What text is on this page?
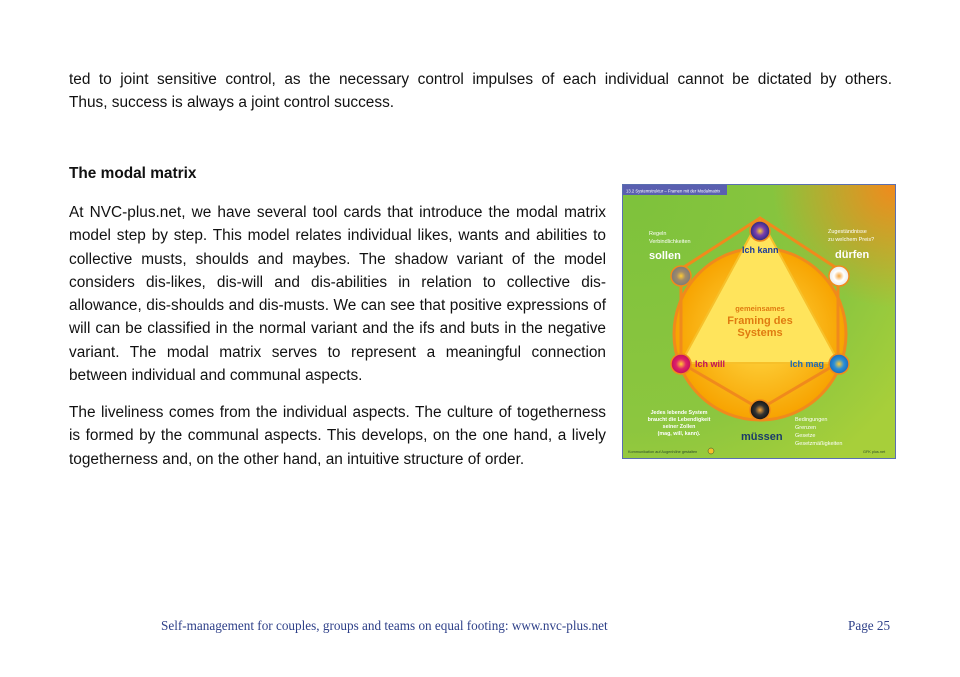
ted to joint sensitive control, as the necessary control impulses of each individual cannot be dictated by others.
Thus, success is always a joint control success.

The modal matrix

At NVC-plus.net, we have several tool cards that introduce the modal matrix model step by step. This model relates individual likes, wants and abilities to collective musts, shoulds and maybes. The shadow variant of the model considers dis-likes, dis-will and dis-abilities in relation to collective dis-allowance, dis-shoulds and dis-musts. We can see that positive expressions of will can be classified in the normal variant and the ifs and buts in the negative variant. The modal matrix serves to represent a meaningful connection between individual and communal aspects.

The liveliness comes from the individual aspects. The culture of togetherness is formed by the communal aspects. This develops, on the one hand, a lively togetherness and, on the other hand, an intuitive structure of order.

13.2 Systemstruktur – Framen mit der Modalmatrix
gemeinsames
Framing des
Systems
Ich kann
Ich will	Ich mag
sollen	dürfen
müssen
Regeln
Verbindlichkeiten
Zugeständnisse
zu welchem Preis?
Jedes lebende System
braucht die Lebendigkeit
seiner Zollen
(mag, will, kann).
Bedingungen
Grenzen
Gesetze
Gesetzmäßigkeiten
Kommunikation auf Augenhöhe gestalten	GFK plus.net
Self-management for couples, groups and teams on equal footing: www.nvc-plus.net	Page 25
